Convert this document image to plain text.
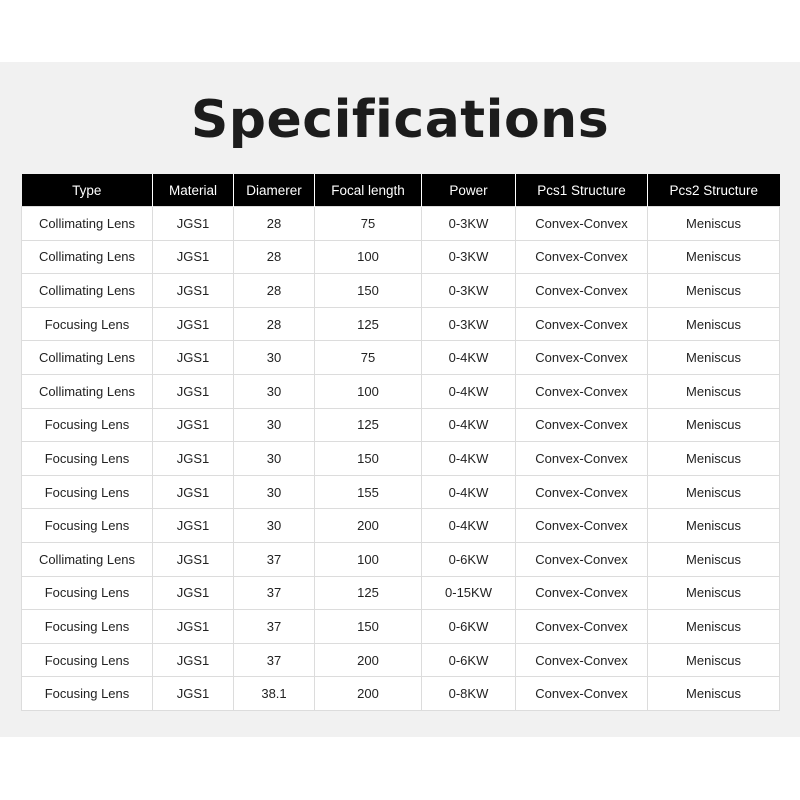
Specifications
Type	Material	Diamerer	Focal length	Power	Pcs1 Structure	Pcs2 Structure
Collimating Lens	JGS1	28	75	0-3KW	Convex-Convex	Meniscus
Collimating Lens	JGS1	28	100	0-3KW	Convex-Convex	Meniscus
Collimating Lens	JGS1	28	150	0-3KW	Convex-Convex	Meniscus
Focusing Lens	JGS1	28	125	0-3KW	Convex-Convex	Meniscus
Collimating Lens	JGS1	30	75	0-4KW	Convex-Convex	Meniscus
Collimating Lens	JGS1	30	100	0-4KW	Convex-Convex	Meniscus
Focusing Lens	JGS1	30	125	0-4KW	Convex-Convex	Meniscus
Focusing Lens	JGS1	30	150	0-4KW	Convex-Convex	Meniscus
Focusing Lens	JGS1	30	155	0-4KW	Convex-Convex	Meniscus
Focusing Lens	JGS1	30	200	0-4KW	Convex-Convex	Meniscus
Collimating Lens	JGS1	37	100	0-6KW	Convex-Convex	Meniscus
Focusing Lens	JGS1	37	125	0-15KW	Convex-Convex	Meniscus
Focusing Lens	JGS1	37	150	0-6KW	Convex-Convex	Meniscus
Focusing Lens	JGS1	37	200	0-6KW	Convex-Convex	Meniscus
Focusing Lens	JGS1	38.1	200	0-8KW	Convex-Convex	Meniscus
